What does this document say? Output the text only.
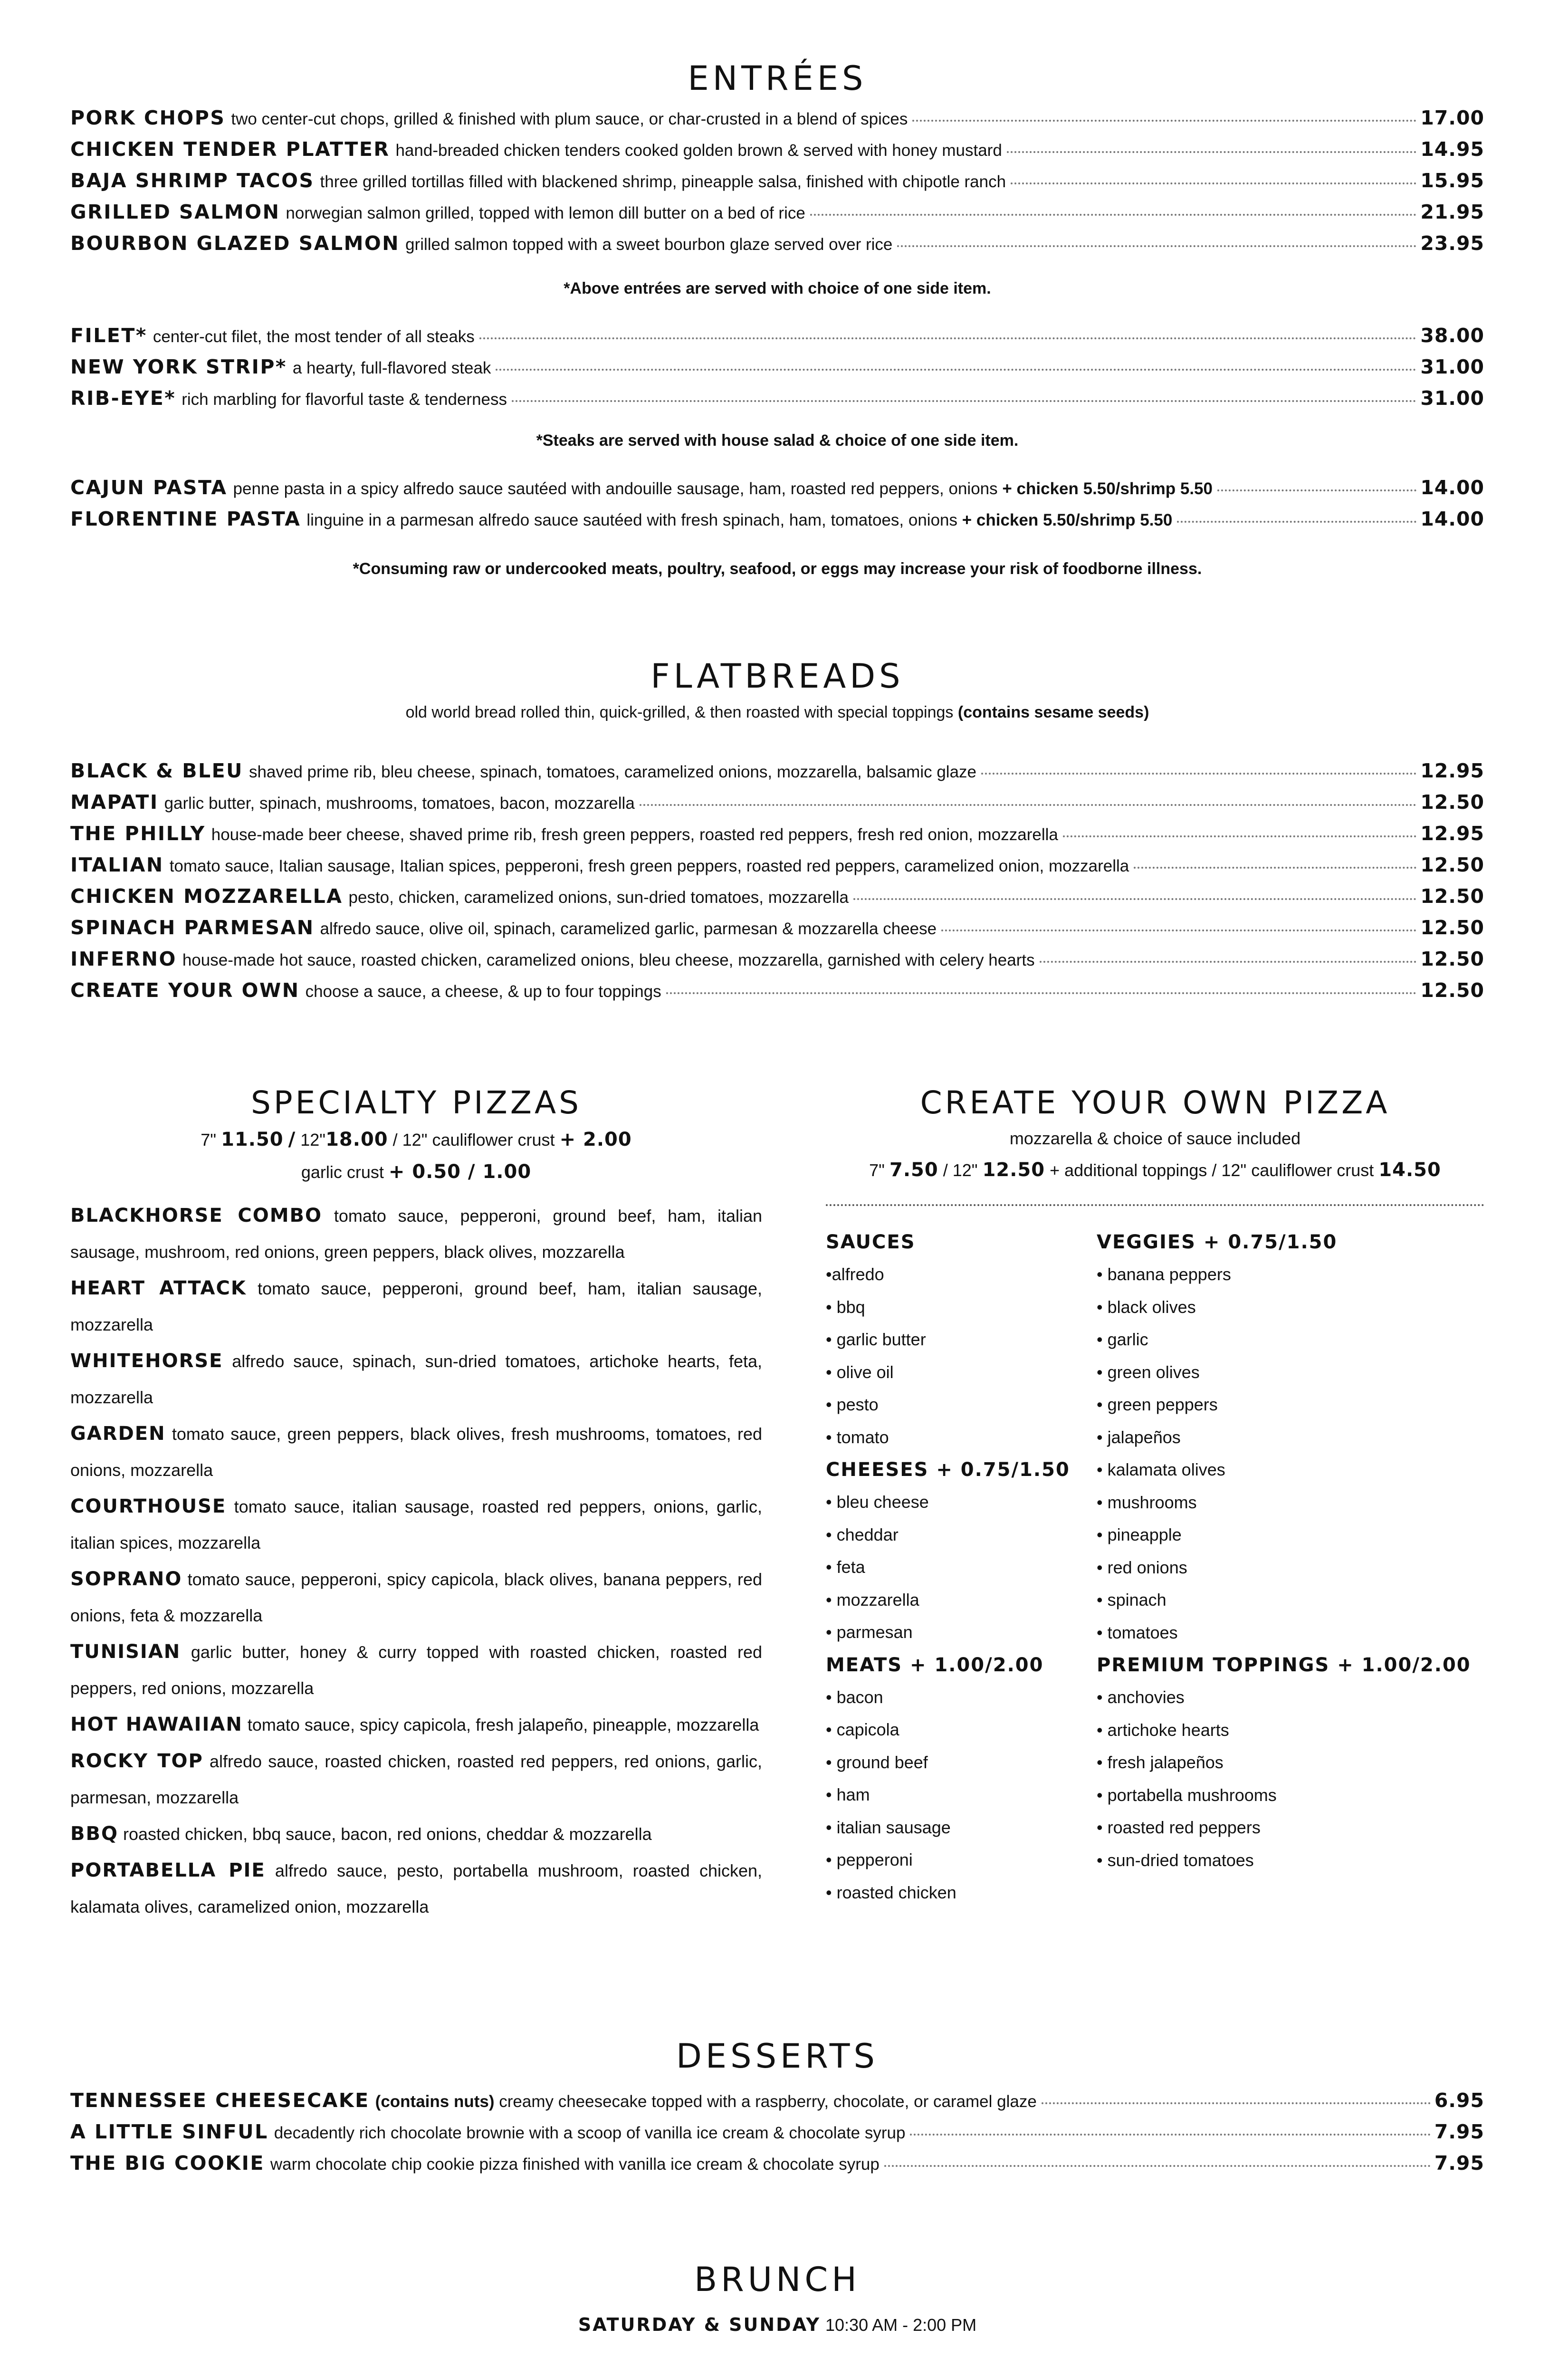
ENTRÉES
PORK CHOPS two center-cut chops, grilled & finished with plum sauce, or char-crusted in a blend of spices	17.00
CHICKEN TENDER PLATTER hand-breaded chicken tenders cooked golden brown & served with honey mustard	14.95
BAJA SHRIMP TACOS three grilled tortillas filled with blackened shrimp, pineapple salsa, finished with chipotle ranch	15.95
GRILLED SALMON norwegian salmon grilled, topped with lemon dill butter on a bed of rice	21.95
BOURBON GLAZED SALMON grilled salmon topped with a sweet bourbon glaze served over rice	23.95
*Above entrées are served with choice of one side item.
FILET* center-cut filet, the most tender of all steaks	38.00
NEW YORK STRIP* a hearty, full-flavored steak	31.00
RIB-EYE* rich marbling for flavorful taste & tenderness	31.00
*Steaks are served with house salad & choice of one side item.
CAJUN PASTA penne pasta in a spicy alfredo sauce sautéed with andouille sausage, ham, roasted red peppers, onions + chicken 5.50/shrimp 5.50	14.00
FLORENTINE PASTA linguine in a parmesan alfredo sauce sautéed with fresh spinach, ham, tomatoes, onions + chicken 5.50/shrimp 5.50	14.00
*Consuming raw or undercooked meats, poultry, seafood, or eggs may increase your risk of foodborne illness.
FLATBREADS
old world bread rolled thin, quick-grilled, & then roasted with special toppings (contains sesame seeds)
BLACK & BLEU shaved prime rib, bleu cheese, spinach, tomatoes, caramelized onions, mozzarella, balsamic glaze	12.95
MAPATI garlic butter, spinach, mushrooms, tomatoes, bacon, mozzarella	12.50
THE PHILLY house-made beer cheese, shaved prime rib, fresh green peppers, roasted red peppers, fresh red onion, mozzarella	12.95
ITALIAN tomato sauce, Italian sausage, Italian spices, pepperoni, fresh green peppers, roasted red peppers, caramelized onion, mozzarella	12.50
CHICKEN MOZZARELLA pesto, chicken, caramelized onions, sun-dried tomatoes, mozzarella	12.50
SPINACH PARMESAN alfredo sauce, olive oil, spinach, caramelized garlic, parmesan & mozzarella cheese	12.50
INFERNO house-made hot sauce, roasted chicken, caramelized onions, bleu cheese, mozzarella, garnished with celery hearts	12.50
CREATE YOUR OWN choose a sauce, a cheese, & up to four toppings	12.50
SPECIALTY PIZZAS
7" 11.50 / 12"18.00 / 12" cauliflower crust + 2.00
garlic crust + 0.50 / 1.00
BLACKHORSE COMBO tomato sauce, pepperoni, ground beef, ham, italian sausage, mushroom, red onions, green peppers, black olives, mozzarella
HEART ATTACK tomato sauce, pepperoni, ground beef, ham, italian sausage, mozzarella
WHITEHORSE alfredo sauce, spinach, sun-dried tomatoes, artichoke hearts, feta, mozzarella
GARDEN tomato sauce, green peppers, black olives, fresh mushrooms, tomatoes, red onions, mozzarella
COURTHOUSE tomato sauce, italian sausage, roasted red peppers, onions, garlic, italian spices, mozzarella
SOPRANO tomato sauce, pepperoni, spicy capicola, black olives, banana peppers, red onions, feta & mozzarella
TUNISIAN garlic butter, honey & curry topped with roasted chicken, roasted red peppers, red onions, mozzarella
HOT HAWAIIAN tomato sauce, spicy capicola, fresh jalapeño, pineapple, mozzarella
ROCKY TOP alfredo sauce, roasted chicken, roasted red peppers, red onions, garlic, parmesan, mozzarella
BBQ roasted chicken, bbq sauce, bacon, red onions, cheddar & mozzarella
PORTABELLA PIE alfredo sauce, pesto, portabella mushroom, roasted chicken, kalamata olives, caramelized onion, mozzarella
CREATE YOUR OWN PIZZA
mozzarella & choice of sauce included
7" 7.50 / 12" 12.50 + additional toppings / 12" cauliflower crust 14.50
SAUCES
•alfredo
• bbq
• garlic butter
• olive oil
• pesto
• tomato
CHEESES + 0.75/1.50
• bleu cheese
• cheddar
• feta
• mozzarella
• parmesan
MEATS + 1.00/2.00
• bacon
• capicola
• ground beef
• ham
• italian sausage
• pepperoni
• roasted chicken
VEGGIES + 0.75/1.50
• banana peppers
• black olives
• garlic
• green olives
• green peppers
• jalapeños
• kalamata olives
• mushrooms
• pineapple
• red onions
• spinach
• tomatoes
PREMIUM TOPPINGS + 1.00/2.00
• anchovies
• artichoke hearts
• fresh jalapeños
• portabella mushrooms
• roasted red peppers
• sun-dried tomatoes
DESSERTS
TENNESSEE CHEESECAKE (contains nuts) creamy cheesecake topped with a raspberry, chocolate, or caramel glaze	6.95
A LITTLE SINFUL decadently rich chocolate brownie with a scoop of vanilla ice cream & chocolate syrup	7.95
THE BIG COOKIE warm chocolate chip cookie pizza finished with vanilla ice cream & chocolate syrup	7.95
BRUNCH
SATURDAY & SUNDAY 10:30 AM - 2:00 PM
